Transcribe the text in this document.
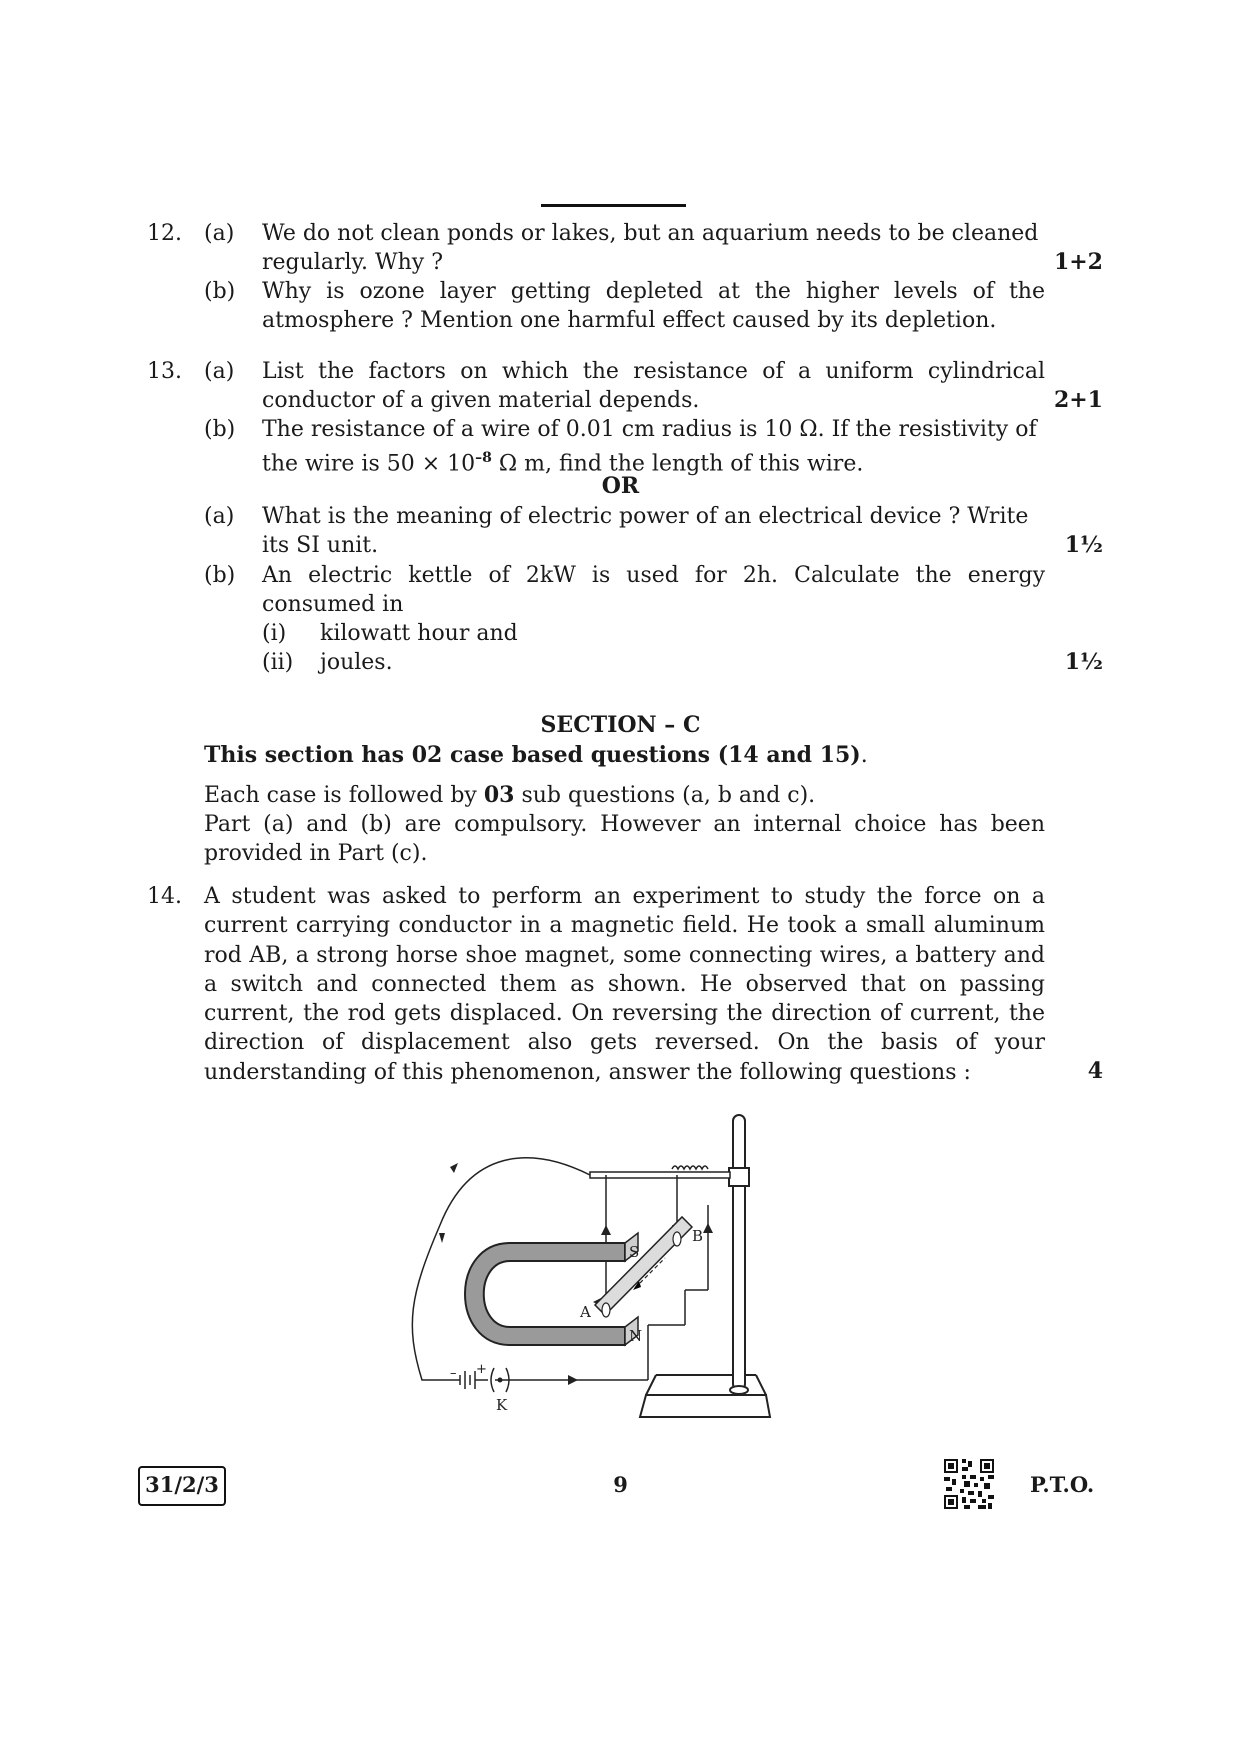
12. (a) We do not clean ponds or lakes, but an aquarium needs to be cleaned
regularly. Why ?	1+2
(b) Why is ozone layer getting depleted at the higher levels of the
atmosphere ? Mention one harmful effect caused by its depletion.
13. (a) List the factors on which the resistance of a uniform cylindrical
conductor of a given material depends.	2+1
(b) The resistance of a wire of 0.01 cm radius is 10 Ω. If the resistivity of
the wire is $50 \times 10^{-8}$ Ω m, find the length of this wire.
OR
(a) What is the meaning of electric power of an electrical device ? Write
its SI unit.	1½
(b) An electric kettle of 2kW is used for 2h. Calculate the energy
consumed in
(i) kilowatt hour and
(ii) joules.	1½
SECTION – C
This section has 02 case based questions (14 and 15).
Each case is followed by 03 sub questions (a, b and c).
Part (a) and (b) are compulsory. However an internal choice has been provided in Part (c).
14. A student was asked to perform an experiment to study the force on a current carrying conductor in a magnetic field. He took a small aluminum rod AB, a strong horse shoe magnet, some connecting wires, a battery and a switch and connected them as shown. He observed that on passing current, the rod gets displaced. On reversing the direction of current, the direction of displacement also gets reversed. On the basis of your understanding of this phenomenon, answer the following questions :	4
S
N
A
B
K
+
–
31/2/3	9	P.T.O.
